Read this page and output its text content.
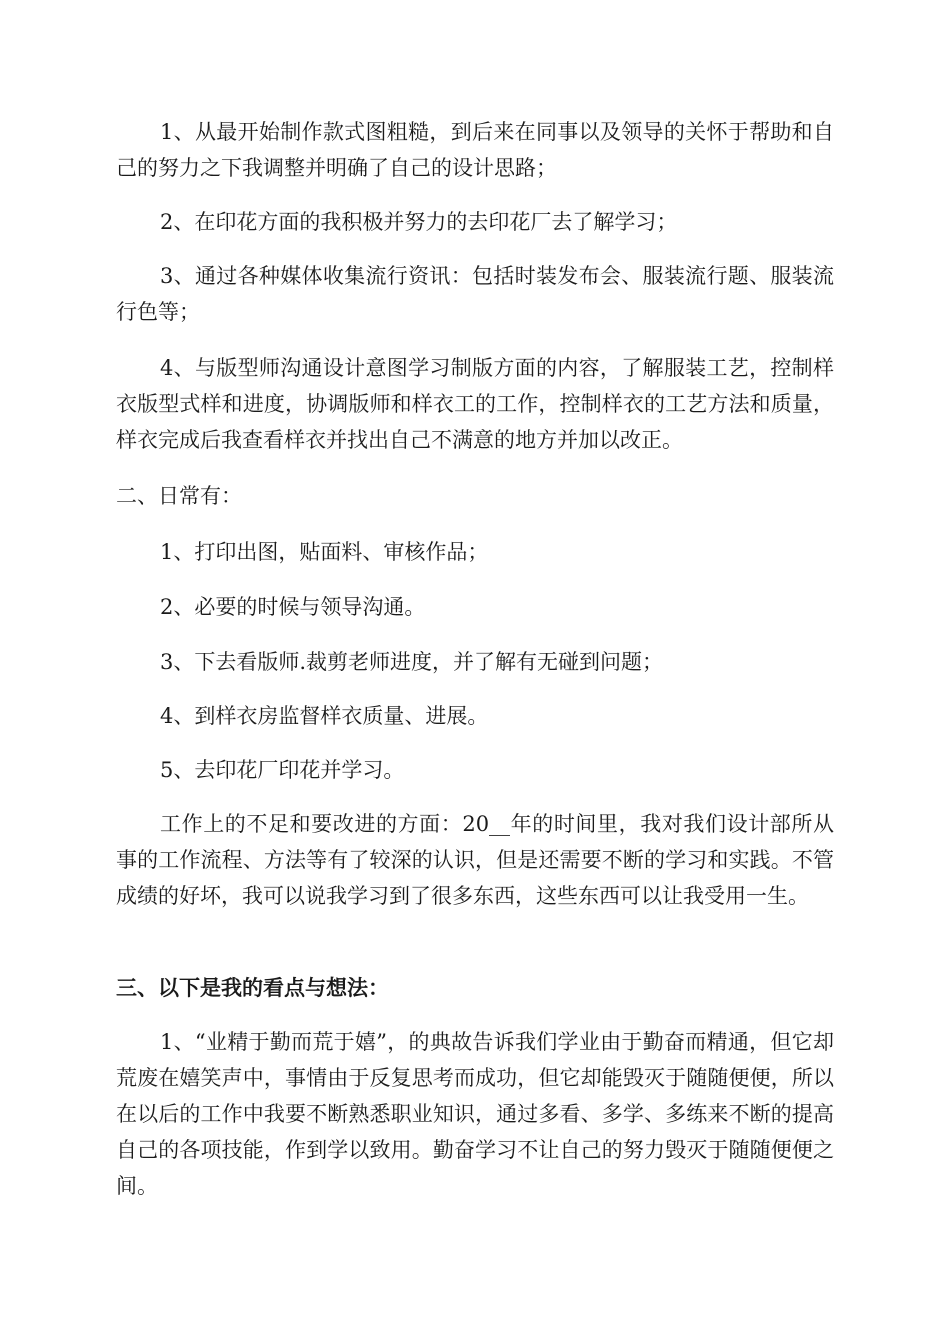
1、从最开始制作款式图粗糙，到后来在同事以及领导的关怀于帮助和自己的努力之下我调整并明确了自己的设计思路；

2、在印花方面的我积极并努力的去印花厂去了解学习；

3、通过各种媒体收集流行资讯：包括时装发布会、服装流行题、服装流行色等；

4、与版型师沟通设计意图学习制版方面的内容，了解服装工艺，控制样衣版型式样和进度，协调版师和样衣工的工作，控制样衣的工艺方法和质量，样衣完成后我查看样衣并找出自己不满意的地方并加以改正。

二、日常有：

1、打印出图，贴面料、审核作品；

2、必要的时候与领导沟通。

3、下去看版师.裁剪老师进度，并了解有无碰到问题；

4、到样衣房监督样衣质量、进展。

5、去印花厂印花并学习。

工作上的不足和要改进的方面：20__年的时间里，我对我们设计部所从事的工作流程、方法等有了较深的认识，但是还需要不断的学习和实践。不管成绩的好坏，我可以说我学习到了很多东西，这些东西可以让我受用一生。

三、以下是我的看点与想法：

1、“业精于勤而荒于嬉”，的典故告诉我们学业由于勤奋而精通，但它却荒废在嬉笑声中，事情由于反复思考而成功，但它却能毁灭于随随便便，所以在以后的工作中我要不断熟悉职业知识，通过多看、多学、多练来不断的提高自己的各项技能，作到学以致用。勤奋学习不让自己的努力毁灭于随随便便之间。
